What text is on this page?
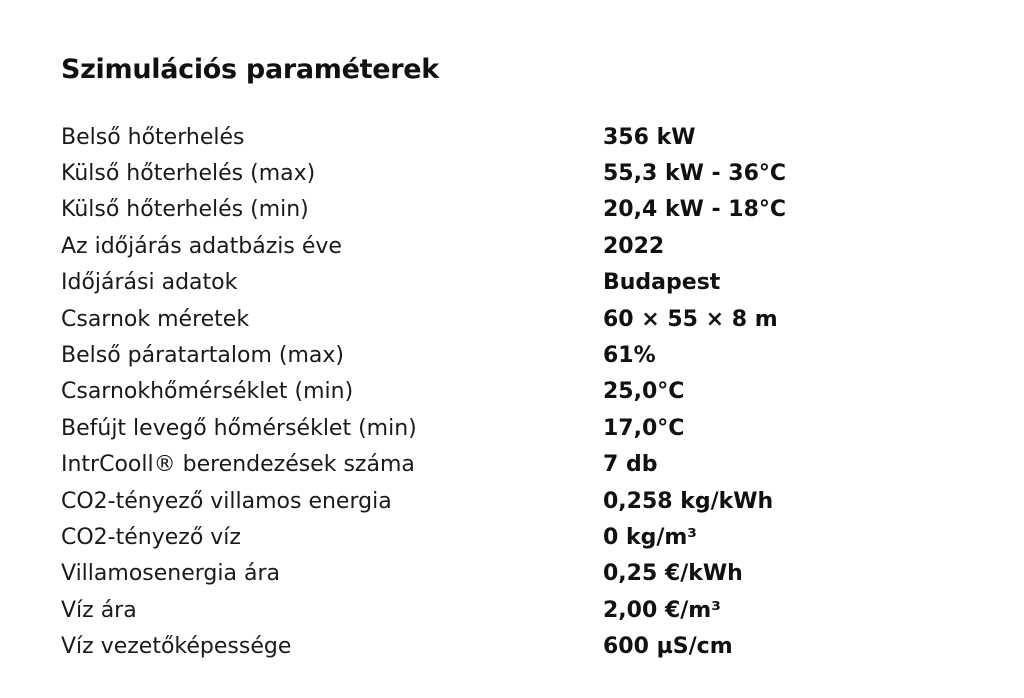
Szimulációs paraméterek
Belső hőterhelés	356 kW
Külső hőterhelés (max)	55,3 kW - 36°C
Külső hőterhelés (min)	20,4 kW - 18°C
Az időjárás adatbázis éve	2022
Időjárási adatok	Budapest
Csarnok méretek	60 × 55 × 8 m
Belső páratartalom (max)	61%
Csarnokhőmérséklet (min)	25,0°C
Befújt levegő hőmérséklet (min)	17,0°C
IntrCooll® berendezések száma	7 db
CO2-tényező villamos energia	0,258 kg/kWh
CO2-tényező víz	0 kg/m³
Villamosenergia ára	0,25 €/kWh
Víz ára	2,00 €/m³
Víz vezetőképessége	600 µS/cm
